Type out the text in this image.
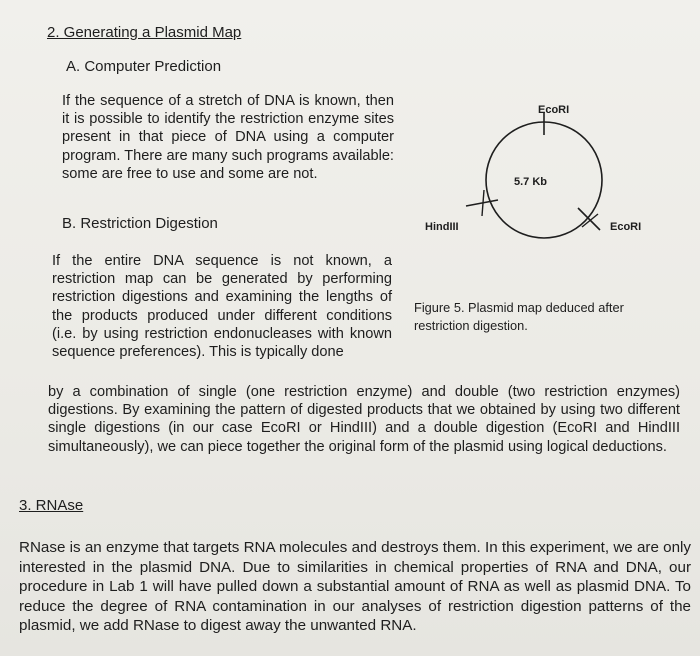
2. Generating a Plasmid Map
A. Computer Prediction

If the sequence of a stretch of DNA is known, then it is possible to identify the restriction enzyme sites present in that piece of DNA using a computer program. There are many such programs available: some are free to use and some are not.

B. Restriction Digestion

If the entire DNA sequence is not known, a restriction map can be generated by performing restriction digestions and examining the lengths of the products produced under different conditions (i.e. by using restriction endonucleases with known sequence preferences). This is typically done

by a combination of single (one restriction enzyme) and double (two restriction enzymes) digestions. By examining the pattern of digested products that we obtained by using two different single digestions (in our case EcoRI or HindIII) and a double digestion (EcoRI and HindIII simultaneously), we can piece together the original form of the plasmid using logical deductions.

EcoRI
5.7 Kb
HindIII	EcoRI

Figure 5. Plasmid map deduced after restriction digestion.

3. RNAse

RNase is an enzyme that targets RNA molecules and destroys them. In this experiment, we are only interested in the plasmid DNA. Due to similarities in chemical properties of RNA and DNA, our procedure in Lab 1 will have pulled down a substantial amount of RNA as well as plasmid DNA. To reduce the degree of RNA contamination in our analyses of restriction digestion patterns of the plasmid, we add RNase to digest away the unwanted RNA.
